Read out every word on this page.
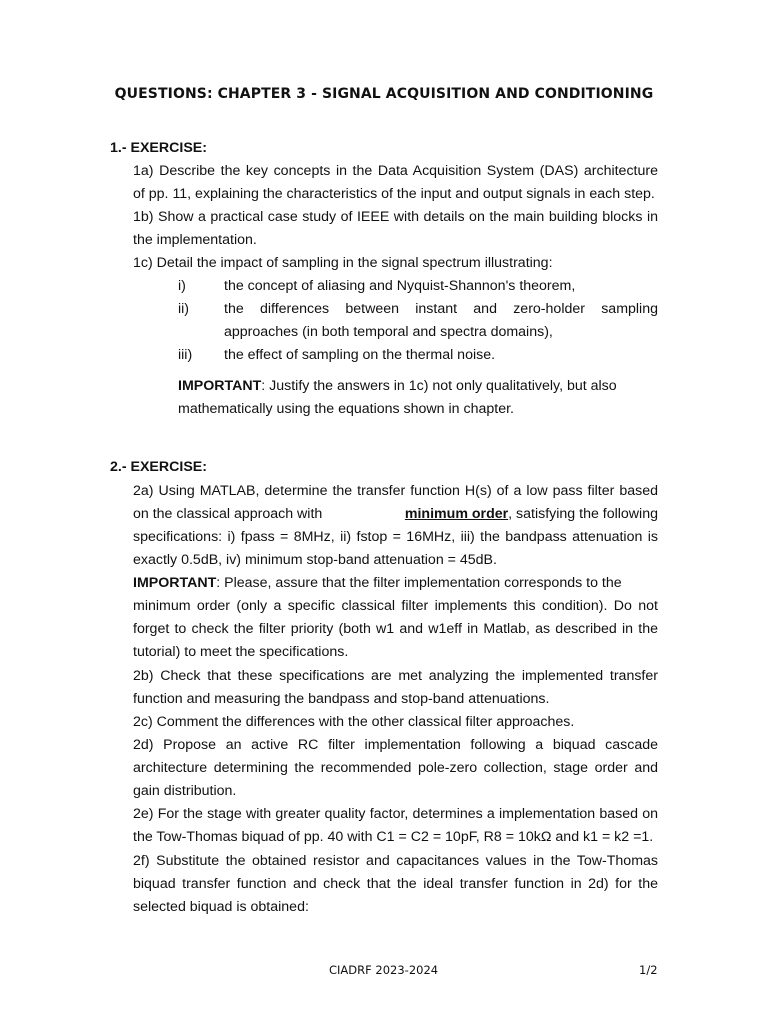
QUESTIONS: CHAPTER 3 - SIGNAL ACQUISITION AND CONDITIONING
1.- EXERCISE:
1a) Describe the key concepts in the Data Acquisition System (DAS) architecture
of pp. 11, explaining the characteristics of the input and output signals in each step.
1b) Show a practical case study of IEEE with details on the main building blocks in
the implementation.
1c) Detail the impact of sampling in the signal spectrum illustrating:
i)	the concept of aliasing and Nyquist-Shannon's theorem,
ii) the differences between instant and zero-holder sampling
approaches (in both temporal and spectra domains),
iii) the effect of sampling on the thermal noise.
IMPORTANT: Justify the answers in 1c) not only qualitatively, but also
mathematically using the equations shown in chapter.
2.- EXERCISE:
2a) Using MATLAB, determine the transfer function H(s) of a low pass filter based
on the classical approach with	minimum order, satisfying the following
specifications: i) fpass = 8MHz, ii) fstop = 16MHz, iii) the bandpass attenuation is
exactly 0.5dB, iv) minimum stop-band attenuation = 45dB.
IMPORTANT: Please, assure that the filter implementation corresponds to the
minimum order (only a specific classical filter implements this condition). Do not
forget to check the filter priority (both w1 and w1eff in Matlab, as described in the
tutorial) to meet the specifications.
2b) Check that these specifications are met analyzing the implemented transfer
function and measuring the bandpass and stop-band attenuations.
2c) Comment the differences with the other classical filter approaches.
2d) Propose an active RC filter implementation following a biquad cascade
architecture determining the recommended pole-zero collection, stage order and
gain distribution.
2e) For the stage with greater quality factor, determines a implementation based on
the Tow-Thomas biquad of pp. 40 with C1 = C2 = 10pF, R8 = 10kΩ and k1 = k2 =1.
2f) Substitute the obtained resistor and capacitances values in the Tow-Thomas
biquad transfer function and check that the ideal transfer function in 2d) for the
selected biquad is obtained:
CIADRF 2023-2024	1/2
